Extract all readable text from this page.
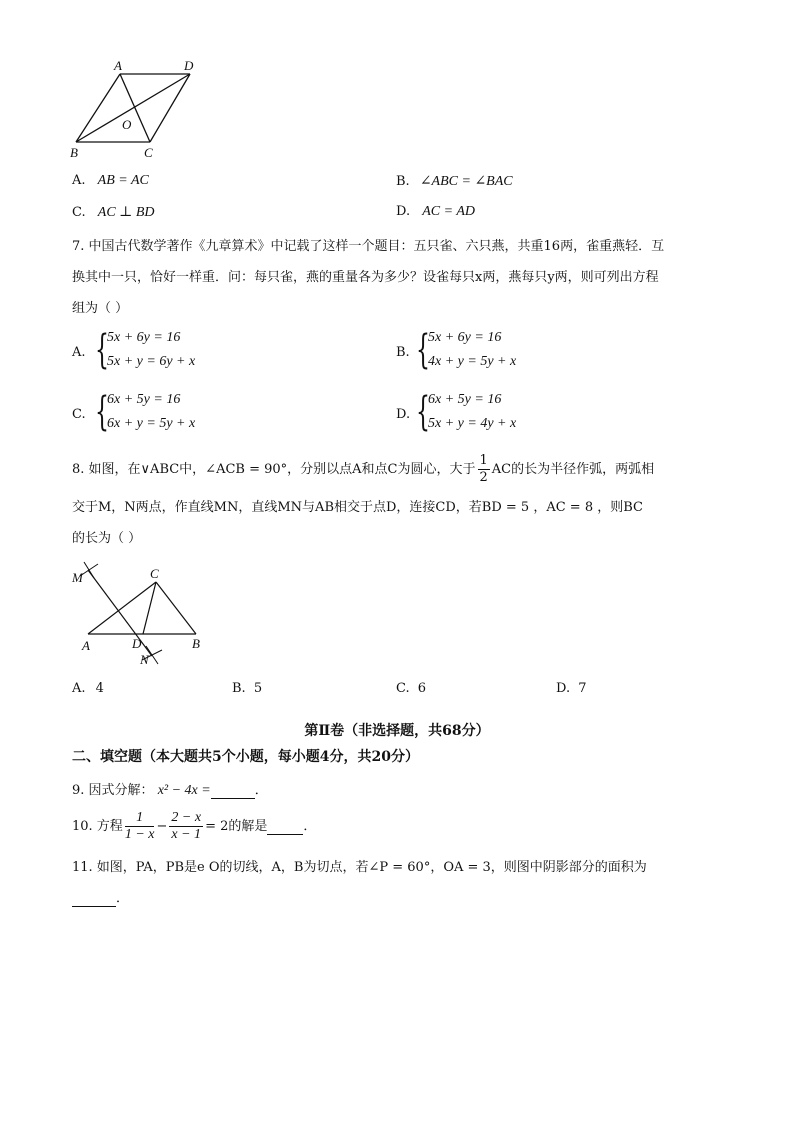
A	D
O
B	C
A. AB = AC	B. ∠ABC = ∠BAC
C. AC ⊥ BD	D. AC = AD
7. 中国古代数学著作《九章算术》中记载了这样一个题目：五只雀、六只燕，共重16两，雀重燕轻．互
换其中一只，恰好一样重．问：每只雀，燕的重量各为多少？设雀每只x两，燕每只y两，则可列出方程
组为（ ）
A. {
5x + 6y = 16
5x + y = 6y + x
B. {
5x + 6y = 16
4x + y = 5y + x
C. {
6x + 5y = 16
6x + y = 5y + x
D. {
6x + 5y = 16
5x + y = 4y + x
8. 如图，在∨ABC中，∠ACB = 90°，分别以点A和点C为圆心，大于 $\frac{1}{2}$ AC的长为半径作弧，两弧相
交于M，N两点，作直线MN，直线MN与AB相交于点D，连接CD，若BD = 5 ，AC = 8 ，则BC
的长为（ ）
M	C
A	D	B
N
A. 4	B. 5	C. 6	D. 7
第Ⅱ卷（非选择题，共68分）
二、填空题（本大题共5个小题，每小题4分，共20分）
9. 因式分解： x² − 4x =	．
10. 方程 $\frac{1}{1 - x} - \frac{2 - x}{x - 1} = 2$的解是	．
11. 如图，PA，PB是e O的切线，A，B为切点，若∠P = 60°，OA = 3，则图中阴影部分的面积为
．
